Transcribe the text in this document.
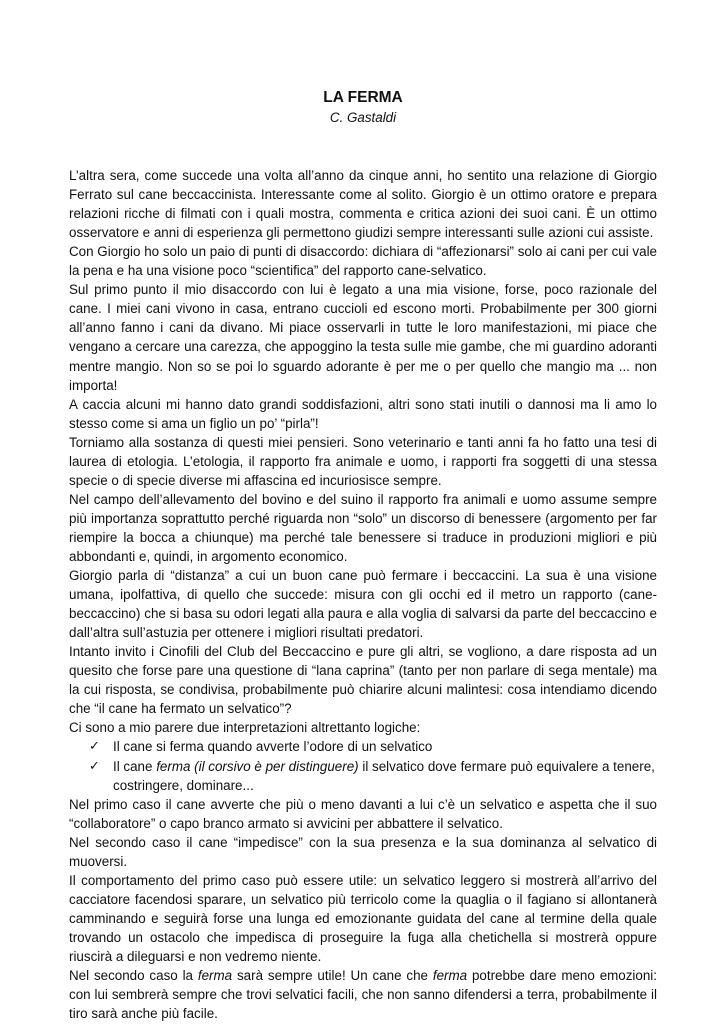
LA FERMA

C. Gastaldi

L’altra sera, come succede una volta all’anno da cinque anni, ho sentito una relazione di Giorgio Ferrato sul cane beccaccinista. Interessante come al solito. Giorgio è un ottimo oratore e prepara relazioni ricche di filmati con i quali mostra, commenta e critica azioni dei suoi cani. È un ottimo osservatore e anni di esperienza gli permettono giudizi sempre interessanti sulle azioni cui assiste.

Con Giorgio ho solo un paio di punti di disaccordo: dichiara di “affezionarsi” solo ai cani per cui vale la pena e ha una visione poco “scientifica” del rapporto cane-selvatico.

Sul primo punto il mio disaccordo con lui è legato a una mia visione, forse, poco razionale del cane. I miei cani vivono in casa, entrano cuccioli ed escono morti. Probabilmente per 300 giorni all’anno fanno i cani da divano. Mi piace osservarli in tutte le loro manifestazioni, mi piace che vengano a cercare una carezza, che appoggino la testa sulle mie gambe, che mi guardino adoranti mentre mangio. Non so se poi lo sguardo adorante è per me o per quello che mangio ma ... non importa!

A caccia alcuni mi hanno dato grandi soddisfazioni, altri sono stati inutili o dannosi ma li amo lo stesso come si ama un figlio un po’ “pirla”!

Torniamo alla sostanza di questi miei pensieri. Sono veterinario e tanti anni fa ho fatto una tesi di laurea di etologia. L’etologia, il rapporto fra animale e uomo, i rapporti fra soggetti di una stessa specie o di specie diverse mi affascina ed incuriosisce sempre.

Nel campo dell’allevamento del bovino e del suino il rapporto fra animali e uomo assume sempre più importanza soprattutto perché riguarda non “solo” un discorso di benessere (argomento per far riempire la bocca a chiunque) ma perché tale benessere si traduce in produzioni migliori e più abbondanti e, quindi, in argomento economico.

Giorgio parla di “distanza” a cui un buon cane può fermare i beccaccini. La sua è una visione umana, ipolfattiva, di quello che succede: misura con gli occhi ed il metro un rapporto (cane-beccaccino) che si basa su odori legati alla paura e alla voglia di salvarsi da parte del beccaccino e dall’altra sull’astuzia per ottenere i migliori risultati predatori.

Intanto invito i Cinofili del Club del Beccaccino e pure gli altri, se vogliono, a dare risposta ad un quesito che forse pare una questione di “lana caprina” (tanto per non parlare di sega mentale) ma la cui risposta, se condivisa, probabilmente può chiarire alcuni malintesi: cosa intendiamo dicendo che “il cane ha fermato un selvatico”?

Ci sono a mio parere due interpretazioni altrettanto logiche:

✓ Il cane si ferma quando avverte l’odore di un selvatico
✓ Il cane ferma (il corsivo è per distinguere) il selvatico dove fermare può equivalere a tenere, costringere, dominare...

Nel primo caso il cane avverte che più o meno davanti a lui c’è un selvatico e aspetta che il suo “collaboratore” o capo branco armato si avvicini per abbattere il selvatico.

Nel secondo caso il cane “impedisce” con la sua presenza e la sua dominanza al selvatico di muoversi.

Il comportamento del primo caso può essere utile: un selvatico leggero si mostrerà all’arrivo del cacciatore facendosi sparare, un selvatico più terricolo come la quaglia o il fagiano si allontanerà camminando e seguirà forse una lunga ed emozionante guidata del cane al termine della quale trovando un ostacolo che impedisca di proseguire la fuga alla chetichella si mostrerà oppure riuscirà a dileguarsi e non vedremo niente.

Nel secondo caso la ferma sarà sempre utile! Un cane che ferma potrebbe dare meno emozioni: con lui sembrerà sempre che trovi selvatici facili, che non sanno difendersi a terra, probabilmente il tiro sarà anche più facile.
